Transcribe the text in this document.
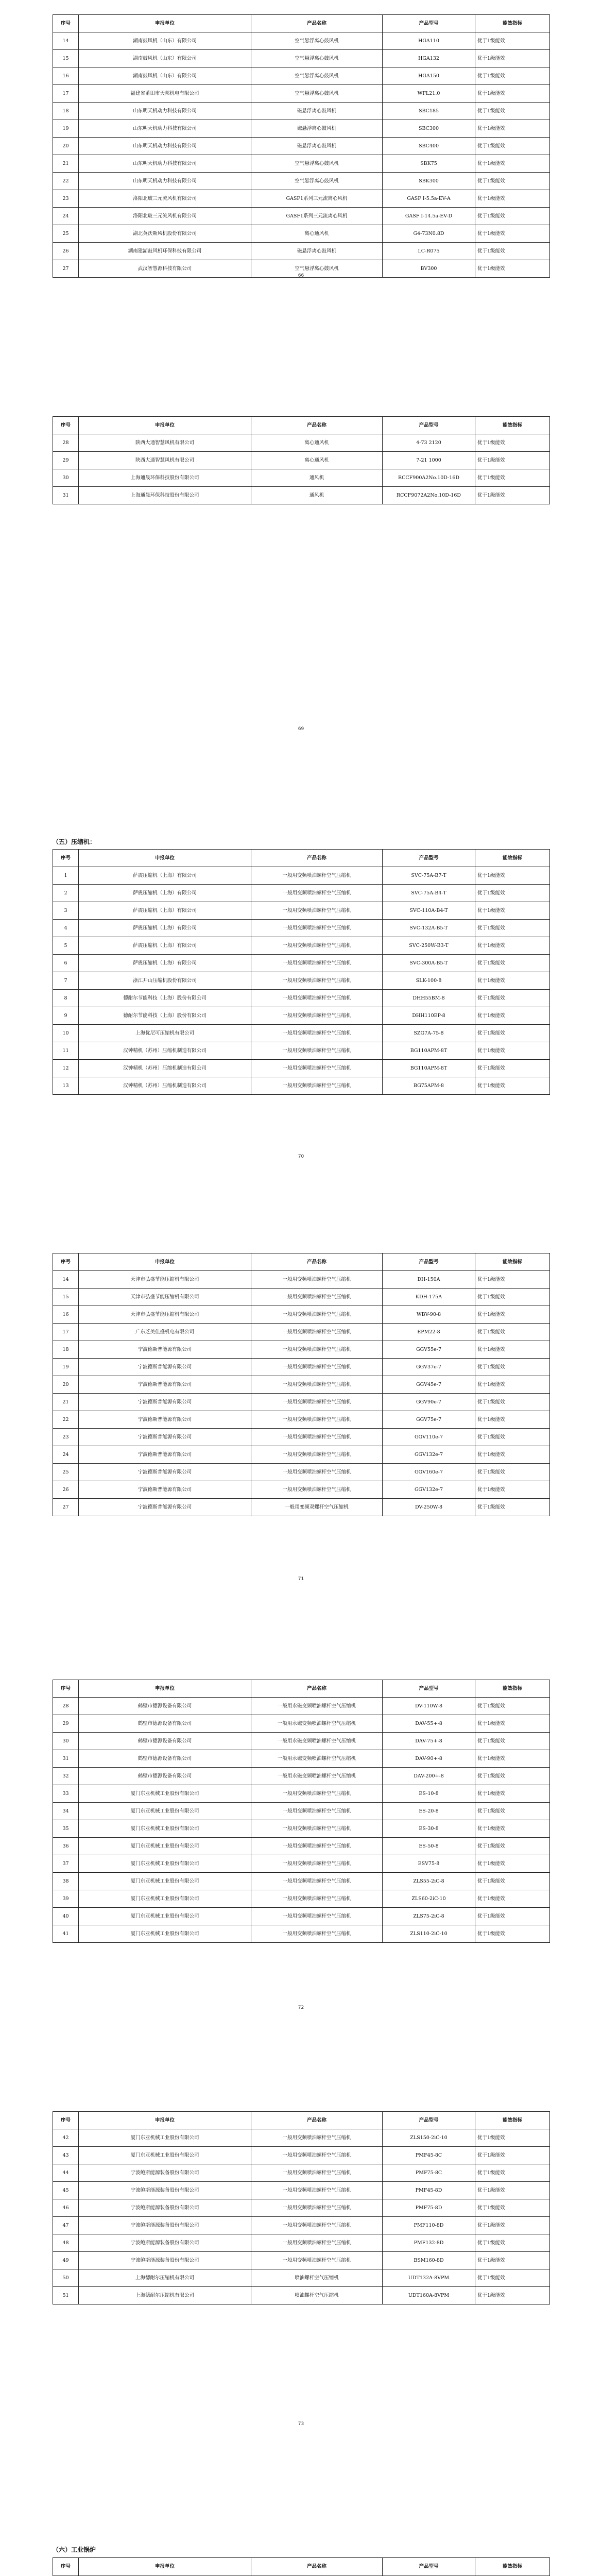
序号	申报单位	产品名称	产品型号	能效指标
14	湖南鼓风机（山东）有限公司	空气悬浮离心鼓风机	HGA110	优于1级能效
15	湖南鼓风机（山东）有限公司	空气悬浮离心鼓风机	HGA132	优于1级能效
16	湖南鼓风机（山东）有限公司	空气悬浮离心鼓风机	HGA150	优于1级能效
17	福建省莆田市天邦机电有限公司	空气悬浮离心鼓风机	WFL21.0	优于1级能效
18	山东明天机动力科技有限公司	磁悬浮离心鼓风机	SBC185	优于1级能效
19	山东明天机动力科技有限公司	磁悬浮离心鼓风机	SBC300	优于1级能效
20	山东明天机动力科技有限公司	磁悬浮离心鼓风机	SBC400	优于1级能效
21	山东明天机动力科技有限公司	空气悬浮离心鼓风机	SBK75	优于1级能效
22	山东明天机动力科技有限公司	空气悬浮离心鼓风机	SBK300	优于1级能效
23	洛阳北玻三元流风机有限公司	GASF1系列三元流离心风机	GASF I-5.5a-EV-A	优于1级能效
24	洛阳北玻三元流风机有限公司	GASF1系列三元流离心风机	GASF I-14.5a-EV-D	优于1级能效
25	湖北英沃斯风机股份有限公司	离心通风机	G4-73N0.8D	优于1级能效
26	湖南建湖鼓风机环保科技有限公司	磁悬浮离心鼓风机	LC-R075	优于1级能效
27	武汉智慧源科技有限公司	空气悬浮离心鼓风机	BV300	优于1级能效
66
序号	申报单位	产品名称	产品型号	能效指标
28	陕西大通智慧风机有限公司	离心通风机	4-73 2120	优于1级能效
29	陕西大通智慧风机有限公司	离心通风机	7-21 1000	优于1级能效
30	上海通晟环保科技股份有限公司	通风机	RCCF900A2No.10D-16D	优于1级能效
31	上海通晟环保科技股份有限公司	通风机	RCCF9072A2No.10D-16D	优于1级能效
69
（五）压缩机：
序号	申报单位	产品名称	产品型号	能效指标
1	萨震压缩机（上海）有限公司	一般用变频喷油螺杆空气压缩机	SVC-75A-B7-T	优于1级能效
2	萨震压缩机（上海）有限公司	一般用变频喷油螺杆空气压缩机	SVC-75A-B4-T	优于1级能效
3	萨震压缩机（上海）有限公司	一般用变频喷油螺杆空气压缩机	SVC-110A-B4-T	优于1级能效
4	萨震压缩机（上海）有限公司	一般用变频喷油螺杆空气压缩机	SVC-132A-B5-T	优于1级能效
5	萨震压缩机（上海）有限公司	一般用变频喷油螺杆空气压缩机	SVC-250W-B3-T	优于1级能效
6	萨震压缩机（上海）有限公司	一般用变频喷油螺杆空气压缩机	SVC-300A-B5-T	优于1级能效
7	浙江开山压缩机股份有限公司	一般用变频喷油螺杆空气压缩机	SLK-100-8	优于1级能效
8	德耐尔节能科技（上海）股份有限公司	一般用变频喷油螺杆空气压缩机	DHH55BM-8	优于1级能效
9	德耐尔节能科技（上海）股份有限公司	一般用变频喷油螺杆空气压缩机	DHH110EP-8	优于1级能效
10	上海优尼可压缩机有限公司	一般用变频喷油螺杆空气压缩机	SZG7A-75-8	优于1级能效
11	汉钟精机（苏州）压缩机制造有限公司	一般用变频喷油螺杆空气压缩机	BG110APM-8T	优于1级能效
12	汉钟精机（苏州）压缩机制造有限公司	一般用变频喷油螺杆空气压缩机	BG110APM-8T	优于1级能效
13	汉钟精机（苏州）压缩机制造有限公司	一般用变频喷油螺杆空气压缩机	BG75APM-8	优于1级能效
70
序号	申报单位	产品名称	产品型号	能效指标
14	天津市弘盛节能压缩机有限公司	一般用变频喷油螺杆空气压缩机	DH-150A	优于1级能效
15	天津市弘盛节能压缩机有限公司	一般用变频喷油螺杆空气压缩机	KDH-175A	优于1级能效
16	天津市弘盛节能压缩机有限公司	一般用变频喷油螺杆空气压缩机	WBV-90-8	优于1级能效
17	广东芝美佳盛机电有限公司	一般用变频喷油螺杆空气压缩机	EPM22-8	优于1级能效
18	宁波德斯普能源有限公司	一般用变频喷油螺杆空气压缩机	GGV55e-7	优于1级能效
19	宁波德斯普能源有限公司	一般用变频喷油螺杆空气压缩机	GGV37e-7	优于1级能效
20	宁波德斯普能源有限公司	一般用变频喷油螺杆空气压缩机	GGV45e-7	优于1级能效
21	宁波德斯普能源有限公司	一般用变频喷油螺杆空气压缩机	GGV90e-7	优于1级能效
22	宁波德斯普能源有限公司	一般用变频喷油螺杆空气压缩机	GGV75e-7	优于1级能效
23	宁波德斯普能源有限公司	一般用变频喷油螺杆空气压缩机	GGV110e-7	优于1级能效
24	宁波德斯普能源有限公司	一般用变频喷油螺杆空气压缩机	GGV132e-7	优于1级能效
25	宁波德斯普能源有限公司	一般用变频喷油螺杆空气压缩机	GGV160e-7	优于1级能效
26	宁波德斯普能源有限公司	一般用变频喷油螺杆空气压缩机	GGV132e-7	优于1级能效
27	宁波德斯普能源有限公司	一般用变频双螺杆空气压缩机	DV-250W-8	优于1级能效
71
序号	申报单位	产品名称	产品型号	能效指标
28	鹤壁市德源设备有限公司	一般用永磁变频喷油螺杆空气压缩机	DV-110W-8	优于1级能效
29	鹤壁市德源设备有限公司	一般用永磁变频喷油螺杆空气压缩机	DAV-55+-8	优于1级能效
30	鹤壁市德源设备有限公司	一般用永磁变频喷油螺杆空气压缩机	DAV-75+-8	优于1级能效
31	鹤壁市德源设备有限公司	一般用永磁变频喷油螺杆空气压缩机	DAV-90+-8	优于1级能效
32	鹤壁市德源设备有限公司	一般用永磁变频喷油螺杆空气压缩机	DAV-200+-8	优于1级能效
33	厦门东亚机械工业股份有限公司	一般用变频喷油螺杆空气压缩机	ES-10-8	优于1级能效
34	厦门东亚机械工业股份有限公司	一般用变频喷油螺杆空气压缩机	ES-20-8	优于1级能效
35	厦门东亚机械工业股份有限公司	一般用变频喷油螺杆空气压缩机	ES-30-8	优于1级能效
36	厦门东亚机械工业股份有限公司	一般用变频喷油螺杆空气压缩机	ES-50-8	优于1级能效
37	厦门东亚机械工业股份有限公司	一般用变频喷油螺杆空气压缩机	ESV75-8	优于1级能效
38	厦门东亚机械工业股份有限公司	一般用变频喷油螺杆空气压缩机	ZLS55-2iC-8	优于1级能效
39	厦门东亚机械工业股份有限公司	一般用变频喷油螺杆空气压缩机	ZLS60-2iC-10	优于1级能效
40	厦门东亚机械工业股份有限公司	一般用变频喷油螺杆空气压缩机	ZLS75-2iC-8	优于1级能效
41	厦门东亚机械工业股份有限公司	一般用变频喷油螺杆空气压缩机	ZLS110-2iC-10	优于1级能效
72
序号	申报单位	产品名称	产品型号	能效指标
42	厦门东亚机械工业股份有限公司	一般用变频喷油螺杆空气压缩机	ZLS150-2iC-10	优于1级能效
43	厦门东亚机械工业股份有限公司	一般用变频喷油螺杆空气压缩机	PMF45-8C	优于1级能效
44	宁波鲍斯能源装备股份有限公司	一般用变频喷油螺杆空气压缩机	PMF75-8C	优于1级能效
45	宁波鲍斯能源装备股份有限公司	一般用变频喷油螺杆空气压缩机	PMF45-8D	优于1级能效
46	宁波鲍斯能源装备股份有限公司	一般用变频喷油螺杆空气压缩机	PMF75-8D	优于1级能效
47	宁波鲍斯能源装备股份有限公司	一般用变频喷油螺杆空气压缩机	PMF110-8D	优于1级能效
48	宁波鲍斯能源装备股份有限公司	一般用变频喷油螺杆空气压缩机	PMF132-8D	优于1级能效
49	宁波鲍斯能源装备股份有限公司	一般用变频喷油螺杆空气压缩机	BSM160-8D	优于1级能效
50	上海德耐尔压缩机有限公司	喷油螺杆空气压缩机	UDT132A-8VPM	优于1级能效
51	上海德耐尔压缩机有限公司	喷油螺杆空气压缩机	UDT160A-8VPM	优于1级能效
73
（六）工业锅炉
序号	申报单位	产品名称	产品型号	能效指标
